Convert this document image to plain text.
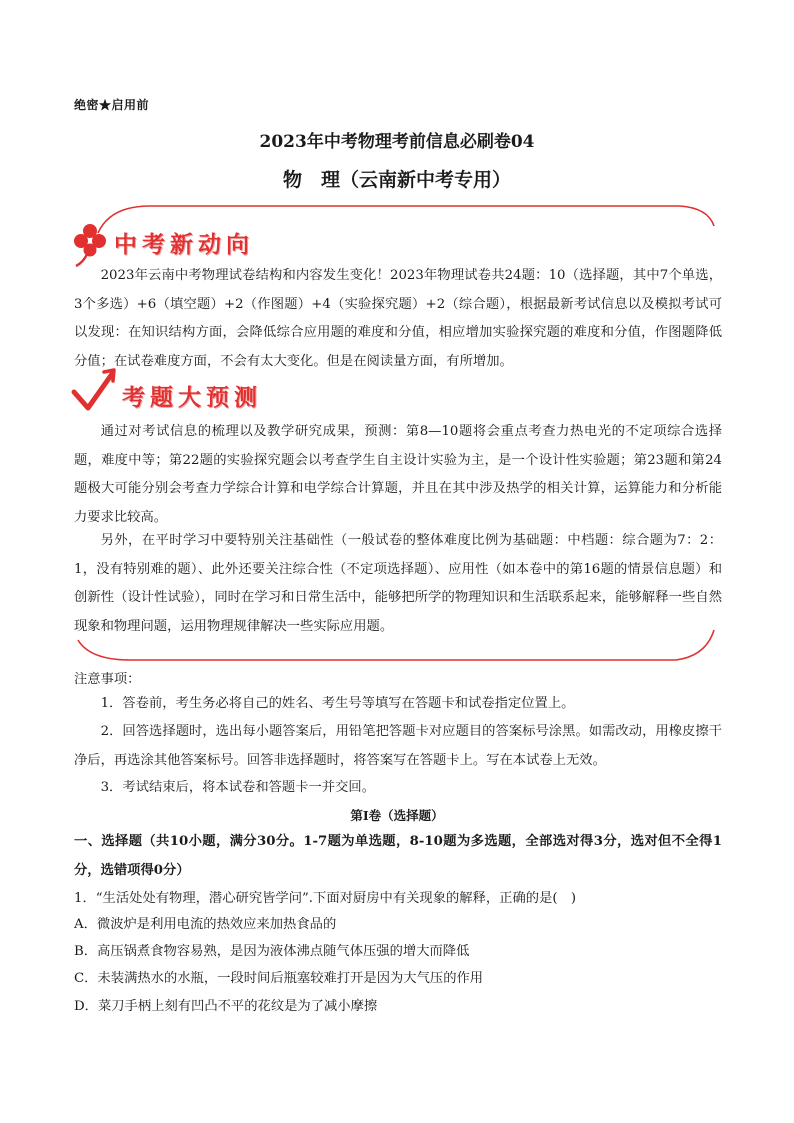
绝密★启用前
2023年中考物理考前信息必刷卷04
物　理（云南新中考专用）
中考新动向

2023年云南中考物理试卷结构和内容发生变化！2023年物理试卷共24题：10（选择题，其中7个单选，3个多选）+6（填空题）+2（作图题）+4（实验探究题）+2（综合题），根据最新考试信息以及模拟考试可以发现：在知识结构方面，会降低综合应用题的难度和分值，相应增加实验探究题的难度和分值，作图题降低分值；在试卷难度方面，不会有太大变化。但是在阅读量方面，有所增加。

考题大预测

通过对考试信息的梳理以及教学研究成果，预测：第8—10题将会重点考查力热电光的不定项综合选择题，难度中等；第22题的实验探究题会以考查学生自主设计实验为主，是一个设计性实验题；第23题和第24题极大可能分别会考查力学综合计算和电学综合计算题，并且在其中涉及热学的相关计算，运算能力和分析能力要求比较高。

另外，在平时学习中要特别关注基础性（一般试卷的整体难度比例为基础题：中档题：综合题为7：2：1，没有特别难的题）、此外还要关注综合性（不定项选择题）、应用性（如本卷中的第16题的情景信息题）和创新性（设计性试验），同时在学习和日常生活中，能够把所学的物理知识和生活联系起来，能够解释一些自然现象和物理问题，运用物理规律解决一些实际应用题。

注意事项：

1．答卷前，考生务必将自己的姓名、考生号等填写在答题卡和试卷指定位置上。

2．回答选择题时，选出每小题答案后，用铅笔把答题卡对应题目的答案标号涂黑。如需改动，用橡皮擦干净后，再选涂其他答案标号。回答非选择题时，将答案写在答题卡上。写在本试卷上无效。

3．考试结束后，将本试卷和答题卡一并交回。

第Ⅰ卷（选择题）

一、选择题（共10小题，满分30分。1-7题为单选题，8-10题为多选题，全部选对得3分，选对但不全得1分，选错项得0分）

1．“生活处处有物理，潜心研究皆学问”.下面对厨房中有关现象的解释，正确的是(　)
A．微波炉是利用电流的热效应来加热食品的
B．高压锅煮食物容易熟，是因为液体沸点随气体压强的增大而降低
C．未装满热水的水瓶，一段时间后瓶塞较难打开是因为大气压的作用
D．菜刀手柄上刻有凹凸不平的花纹是为了减小摩擦
